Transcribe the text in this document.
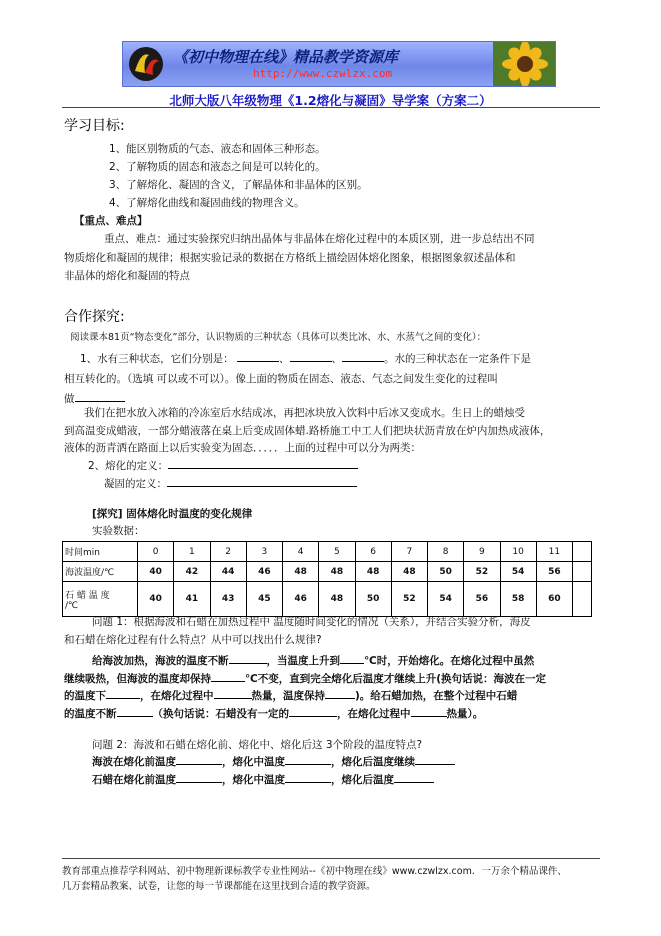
《初中物理在线》精品教学资源库
http://www.czwlzx.com
北师大版八年级物理《1.2熔化与凝固》导学案（方案二）
学习目标:
1、能区别物质的气态、液态和固体三种形态。
2、了解物质的固态和液态之间是可以转化的。
3、了解熔化、凝固的含义，了解晶体和非晶体的区别。
4、了解熔化曲线和凝固曲线的物理含义。
【重点、难点】
重点、难点：通过实验探究归纳出晶体与非晶体在熔化过程中的本质区别，进一步总结出不同
物质熔化和凝固的规律；根据实验记录的数据在方格纸上描绘固体熔化图象，根据图象叙述晶体和
非晶体的熔化和凝固的特点
合作探究:
阅读课本81页“物态变化”部分，认识物质的三种状态（具体可以类比冰、水、水蒸气之间的变化）：
1、水有三种状态，它们分别是：	、	、	。水的三种状态在一定条件下是
相互转化的。（选填 可以或不可以）。像上面的物质在固态、液态、气态之间发生变化的过程叫
做
我们在把水放入冰箱的冷冻室后水结成冰，再把冰块放入饮料中后冰又变成水。生日上的蜡烛受
到高温变成蜡液，一部分蜡液落在桌上后变成固体蜡.路桥施工中工人们把块状沥青放在炉内加热成液体，
液体的沥青洒在路面上以后实验变为固态．．．．．上面的过程中可以分为两类：
2、熔化的定义：
凝固的定义：
[探究] 固体熔化时温度的变化规律
实验数据：
时间min	0	1	2	3	4	5	6	7	8	9	10	11	
海波温度/℃	40	42	44	46	48	48	48	48	50	52	54	56	

石 蜡 温 度
/℃	40	41	43	45	46	48	50	52	54	56	58	60	
问题 1：根据海波和石蜡在加热过程中 温度随时间变化的情况（关系），并结合实验分析，海皮
和石蜡在熔化过程有什么特点？从中可以找出什么规律?
给海波加热，海波的温度不断	，当温度上升到 ℃时，开始熔化。在熔化过程中虽然
继续吸热，但海波的温度却保持	℃不变，直到完全熔化后温度才继续上升(换句话说：海波在一定
的温度下	，在熔化过程中	热量，温度保持	)。给石蜡加热，在整个过程中石蜡
的温度不断	（换句话说：石蜡没有一定的	，在熔化过程中	热量）。
问题 2：海波和石蜡在熔化前、熔化中、熔化后这 3个阶段的温度特点?
海波在熔化前温度	，熔化中温度	，熔化后温度继续
石蜡在熔化前温度	，熔化中温度	，熔化后温度
教育部重点推荐学科网站、初中物理新课标教学专业性网站--《初中物理在线》www.czwlzx.com．一万余个精品课件、
几万套精品教案、试卷，让您的每一节课都能在这里找到合适的教学资源。
